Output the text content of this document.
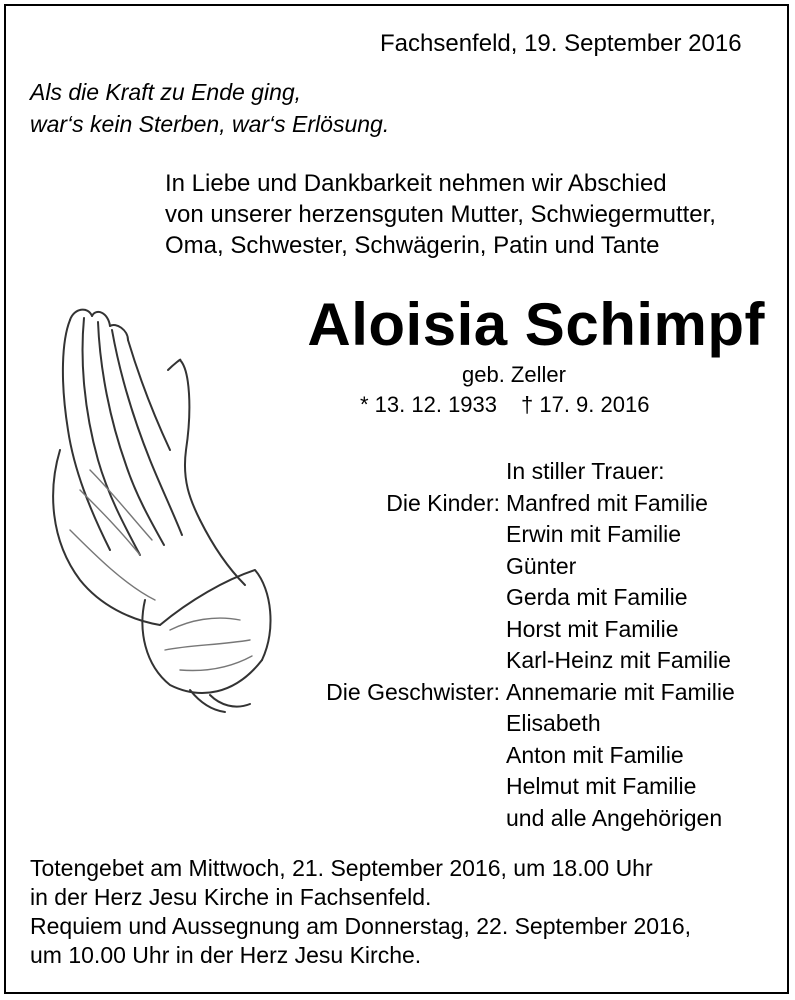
Fachsenfeld, 19. September 2016
Als die Kraft zu Ende ging,
war‘s kein Sterben, war‘s Erlösung.
In Liebe und Dankbarkeit nehmen wir Abschied
von unserer herzensguten Mutter, Schwiegermutter,
Oma, Schwester, Schwägerin, Patin und Tante
Aloisia Schimpf
geb. Zeller
* 13. 12. 1933 † 17. 9. 2016
	In stiller Trauer:
Die Kinder:	Manfred mit Familie
	Erwin mit Familie
	Günter
	Gerda mit Familie
	Horst mit Familie
	Karl-Heinz mit Familie
Die Geschwister:	Annemarie mit Familie
	Elisabeth
	Anton mit Familie
	Helmut mit Familie
	und alle Angehörigen
Totengebet am Mittwoch, 21. September 2016, um 18.00 Uhr
in der Herz Jesu Kirche in Fachsenfeld.
Requiem und Aussegnung am Donnerstag, 22. September 2016,
um 10.00 Uhr in der Herz Jesu Kirche.
